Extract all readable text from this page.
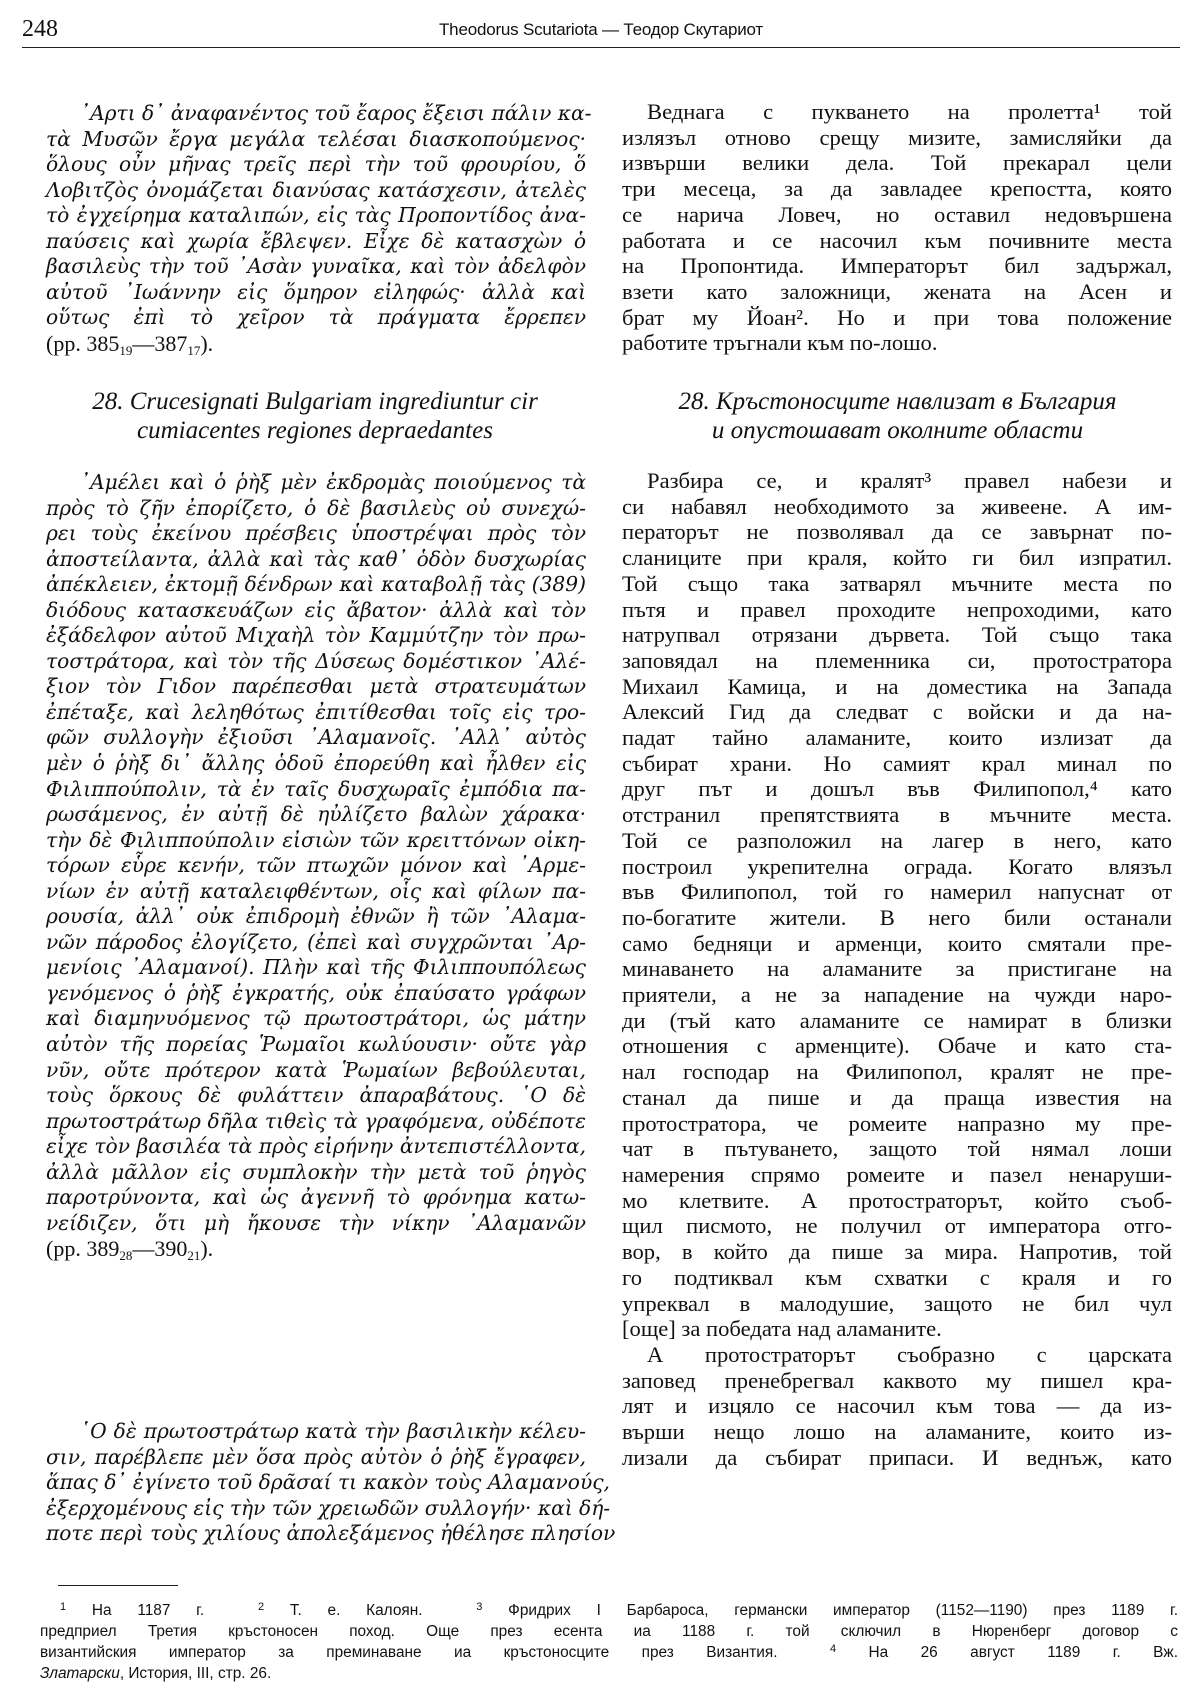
248	Theodorus Scutariota — Теодор Скутариот
᾿Αρτι δ᾿ ἀναφανέντος τοῦ ἔαρος ἔξεισι πάλιν κα-
τὰ Μυσῶν ἔργα μεγάλα τελέσαι διασκοπούμενος·
ὅλους οὖν μῆνας τρεῖς περὶ τὴν τοῦ φρουρίου, ὅ
Λοβιτζὸς ὀνομάζεται διανύσας κατάσχεσιν, ἀτελὲς
τὸ ἐγχείρημα καταλιπών, εἰς τὰς Προποντίδος ἀνα-
παύσεις καὶ χωρία ἔβλεψεν. Εἶχε δὲ κατασχὼν ὁ
βασιλεὺς τὴν τοῦ ᾿Ασὰν γυναῖκα, καὶ τὸν ἀδελφὸν
αὐτοῦ ᾿Ιωάννην εἰς ὅμηρον εἰληφώς· ἀλλὰ καὶ
οὕτως ἐπὶ τὸ χεῖρον τὰ πράγματα ἔρρεπεν
(pp. $385_{19}—387_{17}$).
Веднага с пукването на пролетта¹ той
излязъл отново срещу мизите, замисляйки да
извърши велики дела. Той прекарал цели
три месеца, за да завладее крепостта, която
се нарича Ловеч, но оставил недовършена
работата и се насочил към почивните места
на Пропонтида. Императорът бил задържал,
взети като заложници, жената на Асен и
брат му Йоан². Но и при това положение
работите тръгнали към по-лошо.
28. Crucesignati Bulgariam ingrediuntur cir
cumiacentes regiones depraedantes
28. Кръстоносците навлизат в България
и опустошават околните области
᾿Αμέλει καὶ ὁ ῥὴξ μὲν ἐκδρομὰς ποιούμενος τὰ
πρὸς τὸ ζῆν ἐπορίζετο, ὁ δὲ βασιλεὺς οὐ συνεχώ-
ρει τοὺς ἐκείνου πρέσβεις ὑποστρέψαι πρὸς τὸν
ἀποστείλαντα, ἀλλὰ καὶ τὰς καθ᾿ ὁδὸν δυσχωρίας
ἀπέκλειεν, ἐκτομῇ δένδρων καὶ καταβολῇ τὰς (389)
διόδους κατασκευάζων εἰς ἄβατον· ἀλλὰ καὶ τὸν
ἐξάδελφον αὐτοῦ Μιχαὴλ τὸν Καμμύτζην τὸν πρω-
τοστράτορα, καὶ τὸν τῆς Δύσεως δομέστικον ᾿Αλέ-
ξιον τὸν Γιδον παρέπεσθαι μετὰ στρατευμάτων
ἐπέταξε, καὶ λεληθότως ἐπιτίθεσθαι τοῖς εἰς τρο-
φῶν συλλογὴν ἐξιοῦσι ᾿Αλαμανοῖς. ᾿Αλλ᾿ αὐτὸς
μὲν ὁ ῥὴξ δι᾿ ἄλλης ὁδοῦ ἐπορεύθη καὶ ἦλθεν εἰς
Φιλιππούπολιν, τὰ ἐν ταῖς δυσχωραῖς ἐμπόδια πα-
ρωσάμενος, ἐν αὐτῇ δὲ ηὐλίζετο βαλὼν χάρακα·
τὴν δὲ Φιλιππούπολιν εἰσιὼν τῶν κρειττόνων οἰκη-
τόρων εὗρε κενήν, τῶν πτωχῶν μόνον καὶ ᾿Αρμε-
νίων ἐν αὐτῇ καταλειφθέντων, οἷς καὶ φίλων πα-
ρουσία, ἀλλ᾿ οὐκ ἐπιδρομὴ ἐθνῶν ἢ τῶν ᾿Αλαμα-
νῶν πάροδος ἐλογίζετο, (ἐπεὶ καὶ συγχρῶνται ᾿Αρ-
μενίοις ᾿Αλαμανοί). Πλὴν καὶ τῆς Φιλιππουπόλεως
γενόμενος ὁ ῥὴξ ἐγκρατής, οὐκ ἐπαύσατο γράφων
καὶ διαμηνυόμενος τῷ πρωτοστράτορι, ὡς μάτην
αὐτὸν τῆς πορείας Ῥωμαῖοι κωλύουσιν· οὔτε γὰρ
νῦν, οὔτε πρότερον κατὰ Ῥωμαίων βεβούλευται,
τοὺς ὅρκους δὲ φυλάττειν ἀπαραβάτους. ῾Ο δὲ
πρωτοστράτωρ δῆλα τιθεὶς τὰ γραφόμενα, οὐδέποτε
εἶχε τὸν βασιλέα τὰ πρὸς εἰρήνην ἀντεπιστέλλοντα,
ἀλλὰ μᾶλλον εἰς συμπλοκὴν τὴν μετὰ τοῦ ῥηγὸς
παροτρύνοντα, καὶ ὡς ἀγεννῆ τὸ φρόνημα κατω-
νείδιζεν, ὅτι μὴ ἤκουσε τὴν νίκην ᾿Αλαμανῶν
(pp. $389_{28}—390_{21}$).
῾Ο δὲ πρωτοστράτωρ κατὰ τὴν βασιλικὴν κέλευ-
σιν, παρέβλεπε μὲν ὅσα πρὸς αὐτὸν ὁ ῥὴξ ἔγραφεν,
ἅπας δ᾿ ἐγίνετο τοῦ δρᾶσαί τι κακὸν τοὺς Αλαμανούς,
ἐξερχομένους εἰς τὴν τῶν χρειωδῶν συλλογήν· καὶ δή-
ποτε περὶ τοὺς χιλίους ἀπολεξάμενος ἠθέλησε πλησίον
Разбира се, и кралят³ правел набези и
си набавял необходимото за живеене. А им-
ператорът не позволявал да се завърнат по-
сланиците при краля, който ги бил изпратил.
Той също така затварял мъчните места по
пътя и правел проходите непроходими, като
натрупвал отрязани дървета. Той също така
заповядал на племенника си, протостратора
Михаил Камица, и на доместика на Запада
Алексий Гид да следват с войски и да на-
падат тайно аламаните, които излизат да
събират храни. Но самият крал минал по
друг път и дошъл във Филипопол,⁴ като
отстранил препятствията в мъчните места.
Той се разположил на лагер в него, като
построил укрепителна ограда. Когато влязъл
във Филипопол, той го намерил напуснат от
по-богатите жители. В него били останали
само бедняци и арменци, които смятали пре-
минаването на аламаните за пристигане на
приятели, а не за нападение на чужди наро-
ди (тъй като аламаните се намират в близки
отношения с арменците). Обаче и като ста-
нал господар на Филипопол, кралят не пре-
станал да пише и да праща известия на
протостратора, че ромеите напразно му пре-
чат в пътуването, защото той нямал лоши
намерения спрямо ромеите и пазел ненаруши-
мо клетвите. А протостраторът, който съоб-
щил писмото, не получил от императора отго-
вор, в който да пише за мира. Напротив, той
го подтиквал към схватки с краля и го
упреквал в малодушие, защото не бил чул
[още] за победата над аламаните.
А протостраторът съобразно с царската
заповед пренебрегвал каквото му пишел кра-
лят и изцяло се насочил към това — да из-
върши нещо лошо на аламаните, които из-
лизали да събират припаси. И веднъж, като
$^1$ На 1187 г.	$^2$ Т. е. Калоян.	$^3$ Фридрих I Барбароса, германски император (1152—1190) през 1189 г.
предприел Третия кръстоносен поход. Още през есента иа 1188 г. той сключил в Нюренберг договор с
византийския император за преминаване иа кръстоносците през Византия.	$^4$ На 26 август 1189 г. Вж.
Златарски, История, III, стр. 26.
